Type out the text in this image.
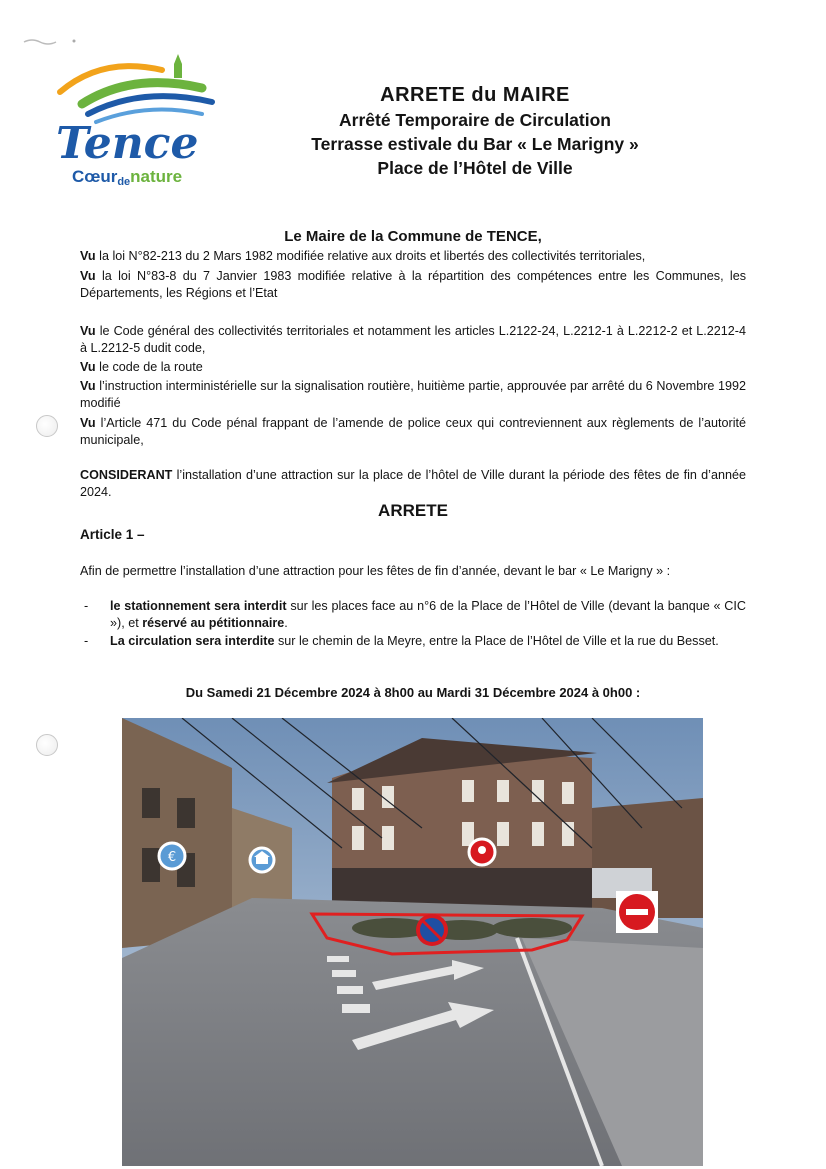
Tence
Cœurdenature
ARRETE du MAIRE
Arrêté Temporaire de Circulation
Terrasse estivale du Bar « Le Marigny »
Place de l’Hôtel de Ville
Le Maire de la Commune de TENCE,
Vu la loi N°82-213 du 2 Mars 1982 modifiée relative aux droits et libertés des collectivités territoriales,
Vu la loi N°83-8 du 7 Janvier 1983 modifiée relative à la répartition des compétences entre les Communes, les Départements, les Régions et l’Etat
Vu le Code général des collectivités territoriales et notamment les articles L.2122-24, L.2212-1 à L.2212-2 et L.2212-4 à L.2212-5 dudit code,
Vu le code de la route
Vu l’instruction interministérielle sur la signalisation routière, huitième partie, approuvée par arrêté du 6 Novembre 1992 modifié
Vu l’Article 471 du Code pénal frappant de l’amende de police ceux qui contreviennent aux règlements de l’autorité municipale,
CONSIDERANT l’installation d’une attraction sur la place de l’hôtel de Ville durant la période des fêtes de fin d’année 2024.
ARRETE
Article 1 –
Afin de permettre l’installation d’une attraction pour les fêtes de fin d’année, devant le bar « Le Marigny » :
- le stationnement sera interdit sur les places face au n°6 de la Place de l’Hôtel de Ville (devant la banque « CIC »), et réservé au pétitionnaire.
- La circulation sera interdite sur le chemin de la Meyre, entre la Place de l’Hôtel de Ville et la rue du Besset.
Du Samedi 21 Décembre 2024 à 8h00 au Mardi 31 Décembre 2024 à 0h00 :
€
